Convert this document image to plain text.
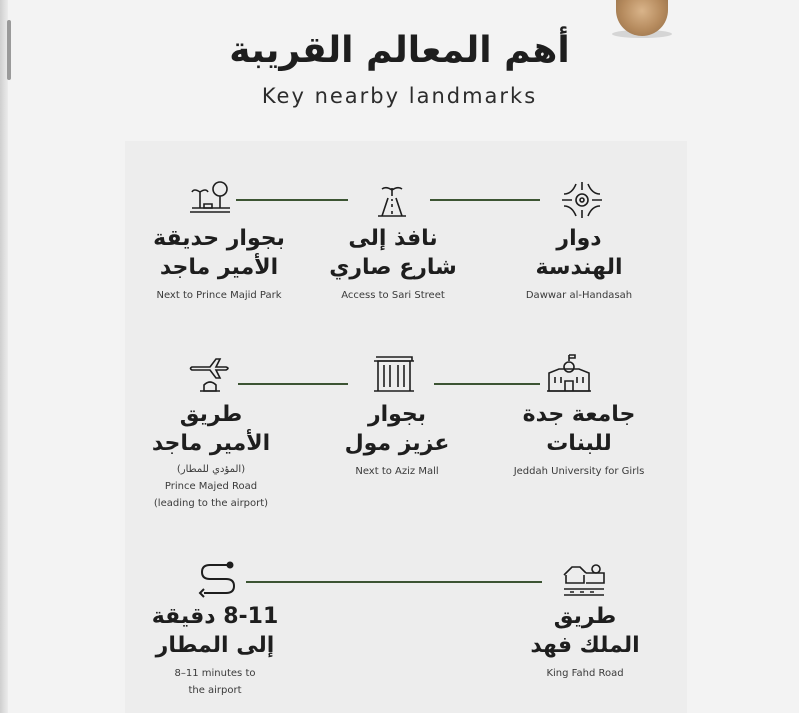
أهم المعالم القريبة
Key nearby landmarks
دوار
الهندسة
Dawwar al-Handasah
نافذ إلى
شارع صاري
Access to Sari Street
بجوار حديقة
الأمير ماجد
Next to Prince Majid Park
جامعة جدة
للبنات
Jeddah University for Girls
بجوار
عزيز مول
Next to Aziz Mall
طريق
الأمير ماجد
(المؤدي للمطار)
Prince Majed Road
(leading to the airport)
طريق
الملك فهد
King Fahd Road
8-11 دقيقة
إلى المطار
8–11 minutes to
the airport
